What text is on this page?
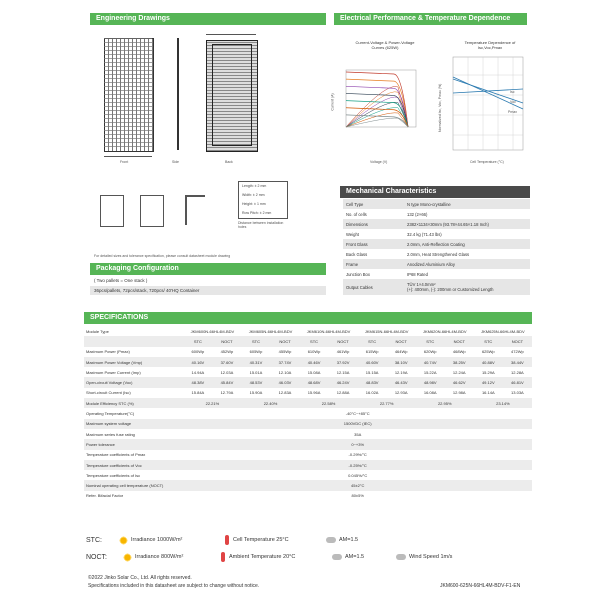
Engineering Drawings	Electrical Performance & Temperature Dependence
Front	Side	Back
Length: ± 2 mm
Width: ± 2 mm
Height: ± 1 mm
Row Pitch: ± 2 mm
Distance between installation holes
For detailed sizes and tolerance specification, please consult datasheet module drawing
Packaging Configuration
( Two pallets = One stack )
36pcs/pallets, 72pcs/stack, 720pcs/ 40'HQ Container
Current-Voltage & Power-Voltage Curves (625W)
Voltage (V)
Current (A)
Temperature Dependence of Isc,Voc,Pmax
Isc
Voc
Pmax
Cell Temperature (°C)
Normalized Isc, Voc, Pmax (%)
Mechanical Characteristics
Cell Type	N type Mono-crystalline
No. of cells	132 (2×66)
Dimensions	2382×1134×30mm (93.78×44.65×1.18 Inch)
Weight	32.4 kg (71.43 lbs)
Front Glass	2.0mm, Anti-Reflection Coating
Back Glass	2.0mm, Heat Strengthened Glass
Frame	Anodized Aluminium Alloy
Junction Box	IP68 Rated
Output Cables	TÜV 1×4.0mm²
(+): 400mm, (-): 200mm or Customized Length
SPECIFICATIONS
Module Type	JKM600N-66HL4M-BDV		JKM605N-66HL4M-BDV		JKM610N-66HL4M-BDV		JKM615N-66HL4M-BDV		JKM620N-66HL4M-BDV		JKM625N-66HL4M-BDV	
	STC	NOCT	STC	NOCT	STC	NOCT	STC	NOCT	STC	NOCT	STC	NOCT
Maximum Power (Pmax)	600Wp	452Wp	605Wp	455Wp	610Wp	461Wp	615Wp	464Wp	620Wp	468Wp	625Wp	472Wp
Maximum Power Voltage (Vmp)	40.16V	37.60V	40.31V	37.74V	40.46V	37.92V	40.60V	38.10V	40.74V	38.25V	40.88V	38.44V
Maximum Power Current (Imp)	14.94A	12.03A	15.01A	12.10A	15.08A	12.15A	15.15A	12.19A	15.22A	12.24A	15.29A	12.28A
Open-circuit Voltage (Voc)	48.38V	45.84V	48.53V	46.03V	48.68V	46.24V	48.83V	46.43V	48.98V	46.62V	49.12V	46.81V
Short-circuit Current (Isc)	15.84A	12.79A	15.90A	12.83A	15.96A	12.88A	16.02A	12.93A	16.08A	12.98A	16.14A	13.03A
Module Efficiency STC (%)	22.21%		22.40%		22.58%		22.77%		22.95%		23.14%	
Operating Temperature(°C)	-40°C~+85°C											
Maximum system voltage	1500VDC (IEC)											
Maximum series fuse rating	35A											
Power tolerance	0~+3%											
Temperature coefficients of Pmax	-0.29%/°C											
Temperature coefficients of Voc	-0.25%/°C											
Temperature coefficients of Isc	0.045%/°C											
Nominal operating cell temperature (NOCT)	45±2°C											
Refer. Bifacial Factor	80±5%											
STC:	Irradiance 1000W/m²	Cell Temperature 25°C	AM=1.5
NOCT:	Irradiance 800W/m²	Ambient Temperature 20°C	AM=1.5	Wind Speed 1m/s
©2022 Jinko Solar Co., Ltd. All rights reserved.
Specifications included in this datasheet are subject to change without notice.	JKM600-625N-66HL4M-BDV-F1-EN
